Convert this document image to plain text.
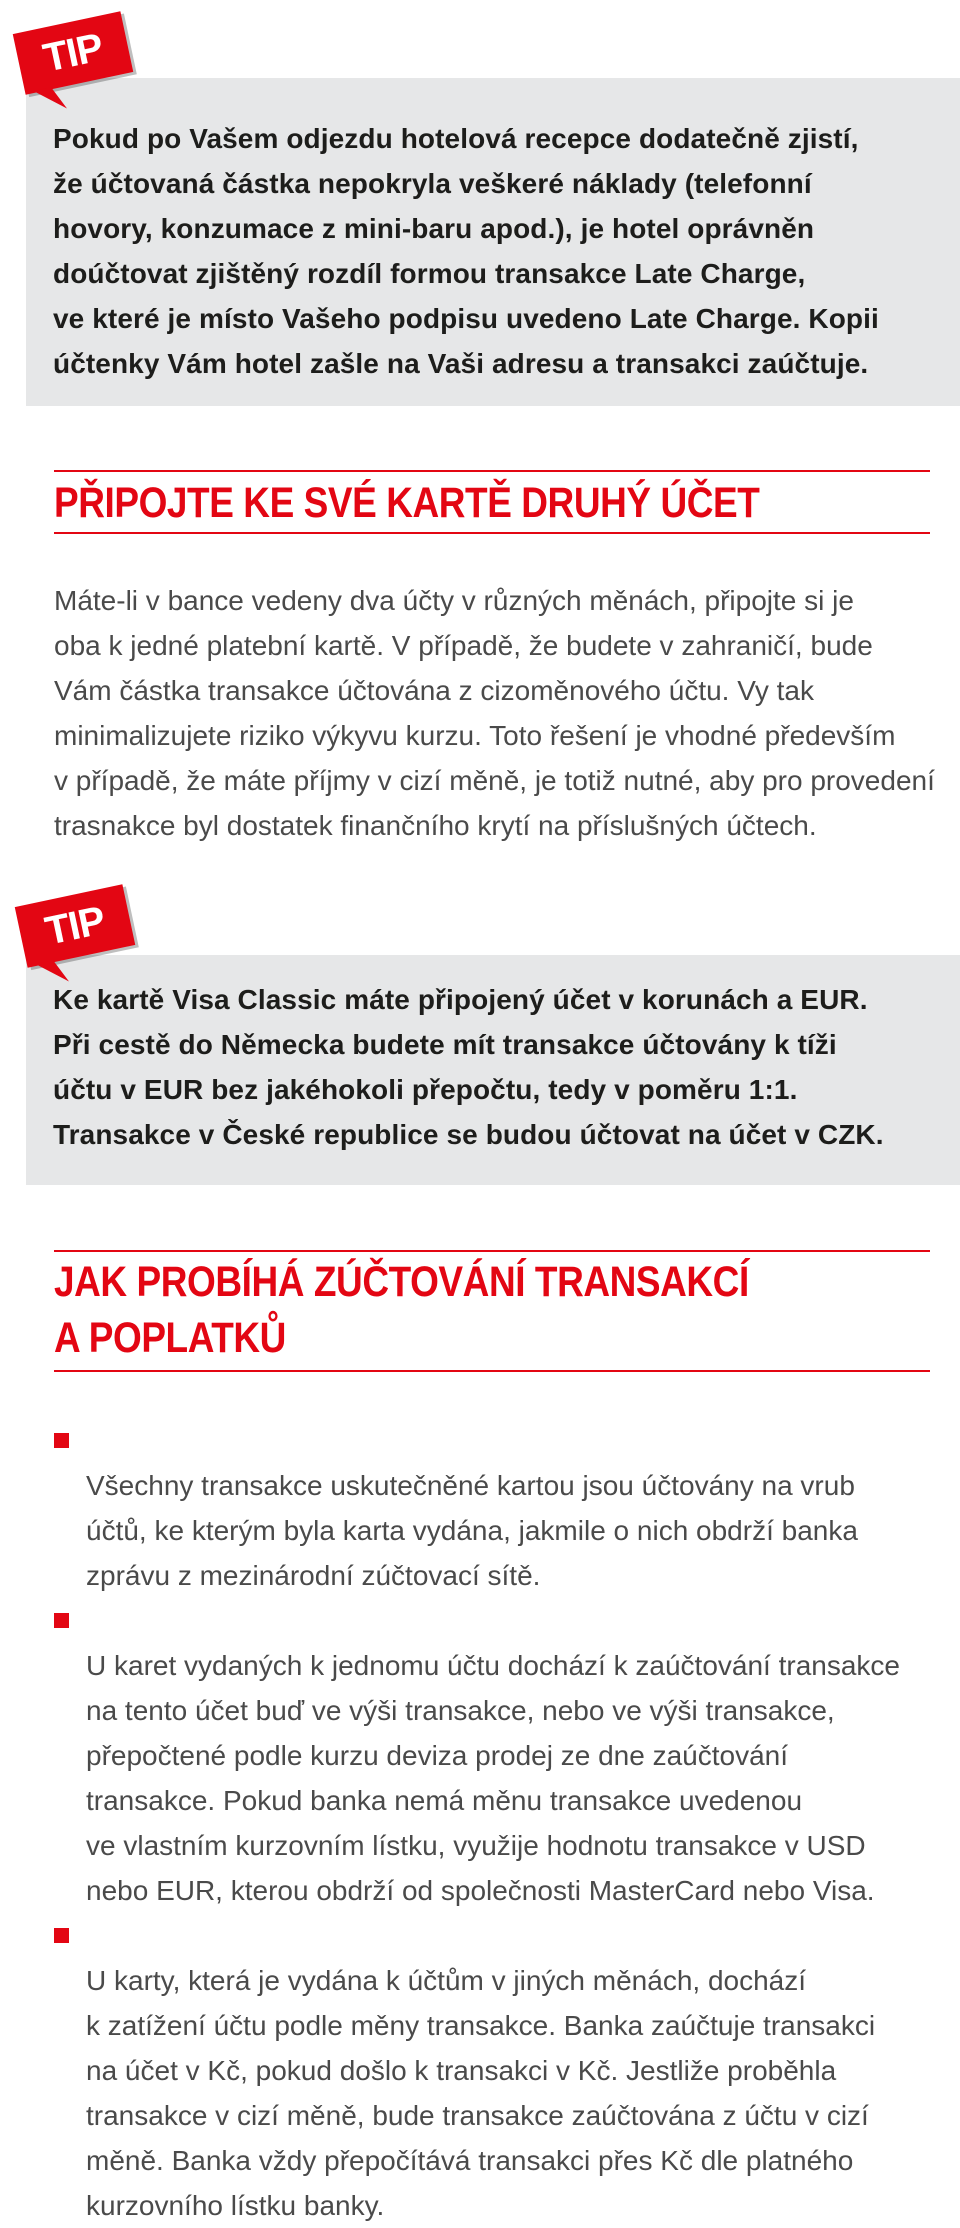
Pokud po Vašem odjezdu hotelová recepce dodatečně zjistí,
že účtovaná částka nepokryla veškeré náklady (telefonní
hovory, konzumace z mini-baru apod.), je hotel oprávněn
doúčtovat zjištěný rozdíl formou transakce Late Charge,
ve které je místo Vašeho podpisu uvedeno Late Charge. Kopii
účtenky Vám hotel zašle na Vaši adresu a transakci zaúčtuje.

TIP
PŘIPOJTE KE SVÉ KARTĚ DRUHÝ ÚČET

Máte-li v bance vedeny dva účty v různých měnách, připojte si je
oba k jedné platební kartě. V případě, že budete v zahraničí, bude
Vám částka transakce účtována z cizoměnového účtu. Vy tak
minimalizujete riziko výkyvu kurzu. Toto řešení je vhodné především
v případě, že máte příjmy v cizí měně, je totiž nutné, aby pro provedení
trasnakce byl dostatek finančního krytí na příslušných účtech.

Ke kartě Visa Classic máte připojený účet v korunách a EUR.
Při cestě do Německa budete mít transakce účtovány k tíži
účtu v EUR bez jakéhokoli přepočtu, tedy v poměru 1:1.
Transakce v České republice se budou účtovat na účet v CZK.

TIP
JAK PROBÍHÁ ZÚČTOVÁNÍ TRANSAKCÍ
A POPLATKŮ

Všechny transakce uskutečněné kartou jsou účtovány na vrub
účtů, ke kterým byla karta vydána, jakmile o nich obdrží banka
zprávu z mezinárodní zúčtovací sítě.

U karet vydaných k jednomu účtu dochází k zaúčtování transakce
na tento účet buď ve výši transakce, nebo ve výši transakce,
přepočtené podle kurzu deviza prodej ze dne zaúčtování
transakce. Pokud banka nemá měnu transakce uvedenou
ve vlastním kurzovním lístku, využije hodnotu transakce v USD
nebo EUR, kterou obdrží od společnosti MasterCard nebo Visa.

U karty, která je vydána k účtům v jiných měnách, dochází
k zatížení účtu podle měny transakce. Banka zaúčtuje transakci
na účet v Kč, pokud došlo k transakci v Kč. Jestliže proběhla
transakce v cizí měně, bude transakce zaúčtována z účtu v cizí
měně. Banka vždy přepočítává transakci přes Kč dle platného
kurzovního lístku banky.
